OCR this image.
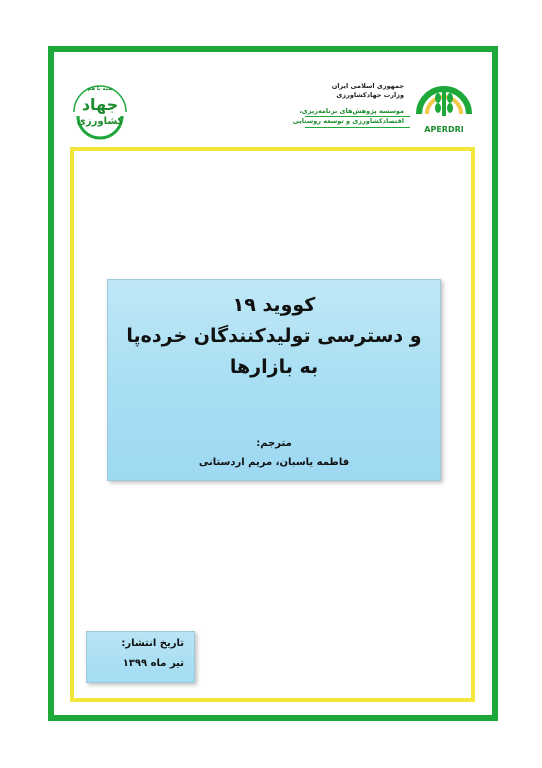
همه با هم
جهاد
کشاورزی
جمهوری اسلامی ایران
وزارت جهادکشاورزی
موسسه پژوهش‌های برنامه‌ریزی،
اقتصادکشاورزی و توسعه روستایی
APERDRI
کووید ۱۹
و دسترسی تولیدکنندگان خرده‌پا
به بازارها
مترجم:
فاطمه یاسبان، مریم اردستانی
تاریخ انتشار:
تیر ماه ۱۳۹۹
